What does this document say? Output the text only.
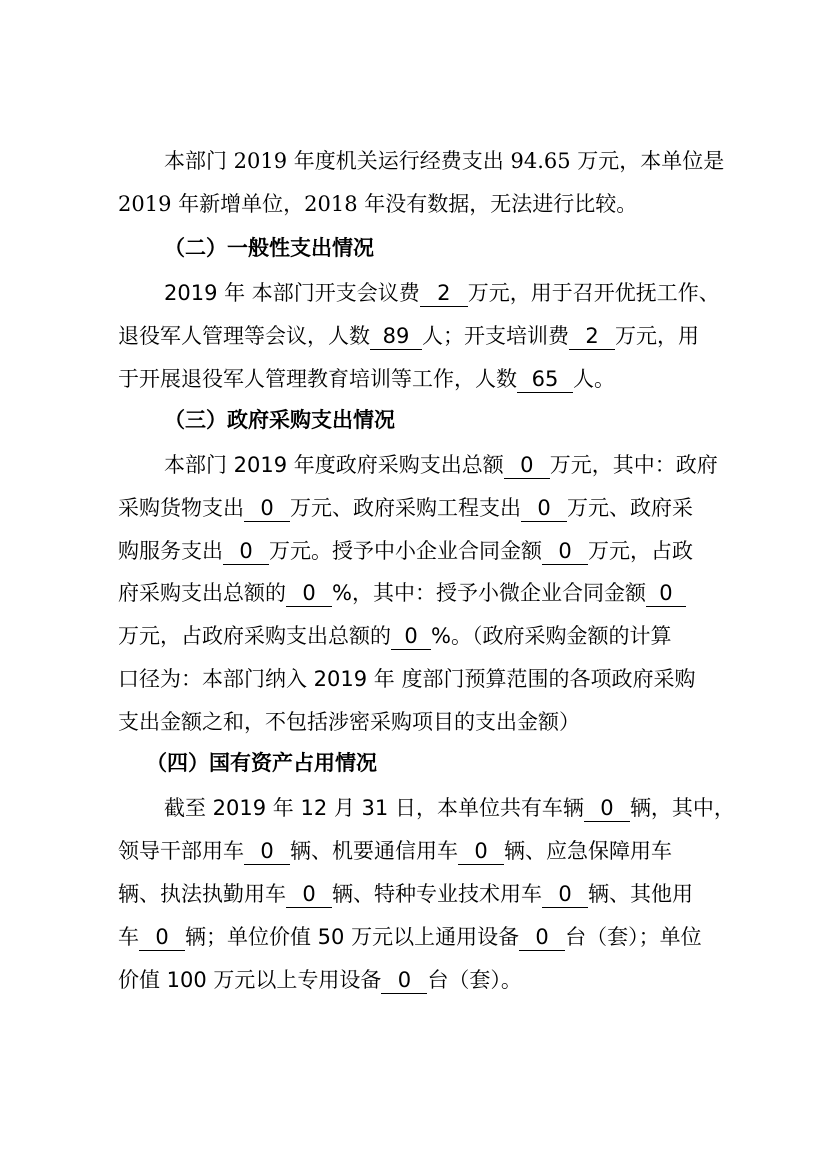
本部门 2019 年度机关运行经费支出 94.65 万元，本单位是
2019 年新增单位，2018 年没有数据，无法进行比较。
（二）一般性支出情况
2019 年 本部门开支会议费 2 万元，用于召开优抚工作、
退役军人管理等会议，人数 89 人；开支培训费 2 万元，用
于开展退役军人管理教育培训等工作，人数 65 人。
（三）政府采购支出情况
本部门 2019 年度政府采购支出总额 0 万元，其中：政府
采购货物支出 0 万元、政府采购工程支出 0 万元、政府采
购服务支出 0 万元。授予中小企业合同金额 0 万元，占政
府采购支出总额的 0 %，其中：授予小微企业合同金额 0
万元，占政府采购支出总额的 0 %。（政府采购金额的计算
口径为：本部门纳入 2019 年 度部门预算范围的各项政府采购
支出金额之和，不包括涉密采购项目的支出金额）
（四）国有资产占用情况
截至 2019 年 12 月 31 日，本单位共有车辆 0 辆，其中，
领导干部用车 0 辆、机要通信用车 0 辆、应急保障用车
辆、执法执勤用车 0 辆、特种专业技术用车 0 辆、其他用
车 0 辆；单位价值 50 万元以上通用设备 0 台（套）；单位
价值 100 万元以上专用设备 0 台（套）。
